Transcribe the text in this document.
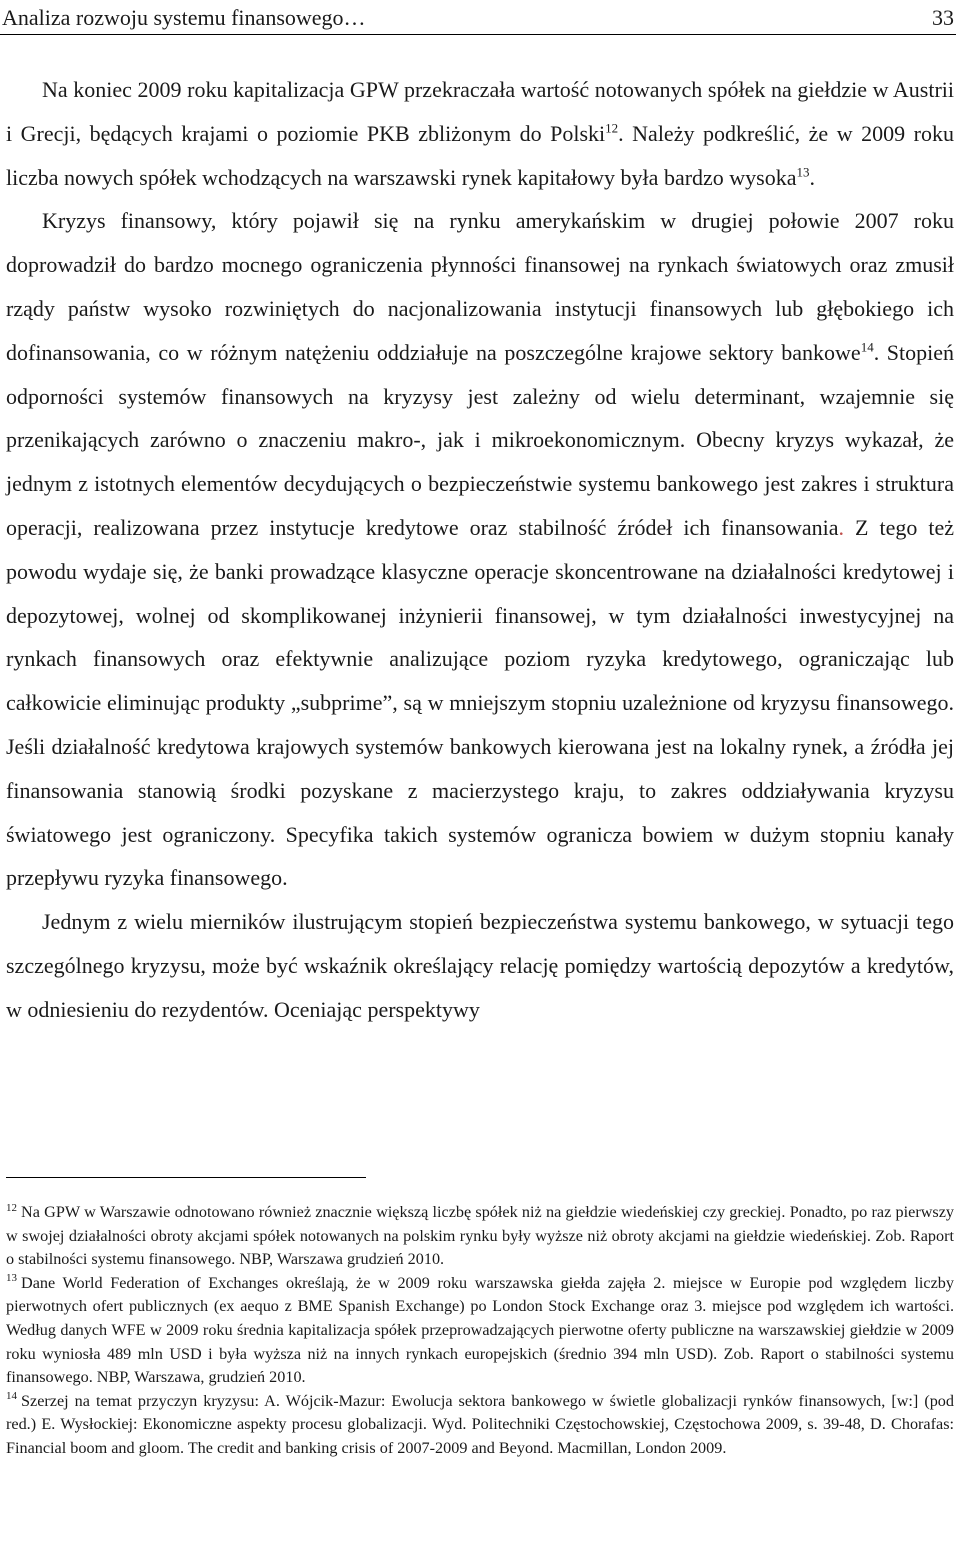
Analiza rozwoju systemu finansowego…	33

Na koniec 2009 roku kapitalizacja GPW przekraczała wartość notowanych spółek na giełdzie w Austrii i Grecji, będących krajami o poziomie PKB zbliżonym do Polski$^{12}$. Należy podkreślić, że w 2009 roku liczba nowych spółek wchodzących na warszawski rynek kapitałowy była bardzo wysoka$^{13}$.

Kryzys finansowy, który pojawił się na rynku amerykańskim w drugiej połowie 2007 roku doprowadził do bardzo mocnego ograniczenia płynności finansowej na rynkach światowych oraz zmusił rządy państw wysoko rozwiniętych do nacjonalizowania instytucji finansowych lub głębokiego ich dofinansowania, co w różnym natężeniu oddziałuje na poszczególne krajowe sektory bankowe$^{14}$. Stopień odporności systemów finansowych na kryzysy jest zależny od wielu determinant, wzajemnie się przenikających zarówno o znaczeniu makro-, jak i mikroekonomicznym. Obecny kryzys wykazał, że jednym z istotnych elementów decydujących o bezpieczeństwie systemu bankowego jest zakres i struktura operacji, realizowana przez instytucje kredytowe oraz stabilność źródeł ich finansowania. Z tego też powodu wydaje się, że banki prowadzące klasyczne operacje skoncentrowane na działalności kredytowej i depozytowej, wolnej od skomplikowanej inżynierii finansowej, w tym działalności inwestycyjnej na rynkach finansowych oraz efektywnie analizujące poziom ryzyka kredytowego, ograniczając lub całkowicie eliminując produkty „subprime”, są w mniejszym stopniu uzależnione od kryzysu finansowego. Jeśli działalność kredytowa krajowych systemów bankowych kierowana jest na lokalny rynek, a źródła jej finansowania stanowią środki pozyskane z macierzystego kraju, to zakres oddziaływania kryzysu światowego jest ograniczony. Specyfika takich systemów ogranicza bowiem w dużym stopniu kanały przepływu ryzyka finansowego.

Jednym z wielu mierników ilustrującym stopień bezpieczeństwa systemu bankowego, w sytuacji tego szczególnego kryzysu, może być wskaźnik określający relację pomiędzy wartością depozytów a kredytów, w odniesieniu do rezydentów. Oceniając perspektywy

$^{12}$ Na GPW w Warszawie odnotowano również znacznie większą liczbę spółek niż na giełdzie wiedeńskiej czy greckiej. Ponadto, po raz pierwszy w swojej działalności obroty akcjami spółek notowanych na polskim rynku były wyższe niż obroty akcjami na giełdzie wiedeńskiej. Zob. Raport o stabilności systemu finansowego. NBP, Warszawa grudzień 2010.

$^{13}$ Dane World Federation of Exchanges określają, że w 2009 roku warszawska giełda zajęła 2. miejsce w Europie pod względem liczby pierwotnych ofert publicznych (ex aequo z BME Spanish Exchange) po London Stock Exchange oraz 3. miejsce pod względem ich wartości. Według danych WFE w 2009 roku średnia kapitalizacja spółek przeprowadzających pierwotne oferty publiczne na warszawskiej giełdzie w 2009 roku wyniosła 489 mln USD i była wyższa niż na innych rynkach europejskich (średnio 394 mln USD). Zob. Raport o stabilności systemu finansowego. NBP, Warszawa, grudzień 2010.

$^{14}$ Szerzej na temat przyczyn kryzysu: A. Wójcik-Mazur: Ewolucja sektora bankowego w świetle globalizacji rynków finansowych, [w:] (pod red.) E. Wysłockiej: Ekonomiczne aspekty procesu globalizacji. Wyd. Politechniki Częstochowskiej, Częstochowa 2009, s. 39-48, D. Chorafas: Financial boom and gloom. The credit and banking crisis of 2007-2009 and Beyond. Macmillan, London 2009.
